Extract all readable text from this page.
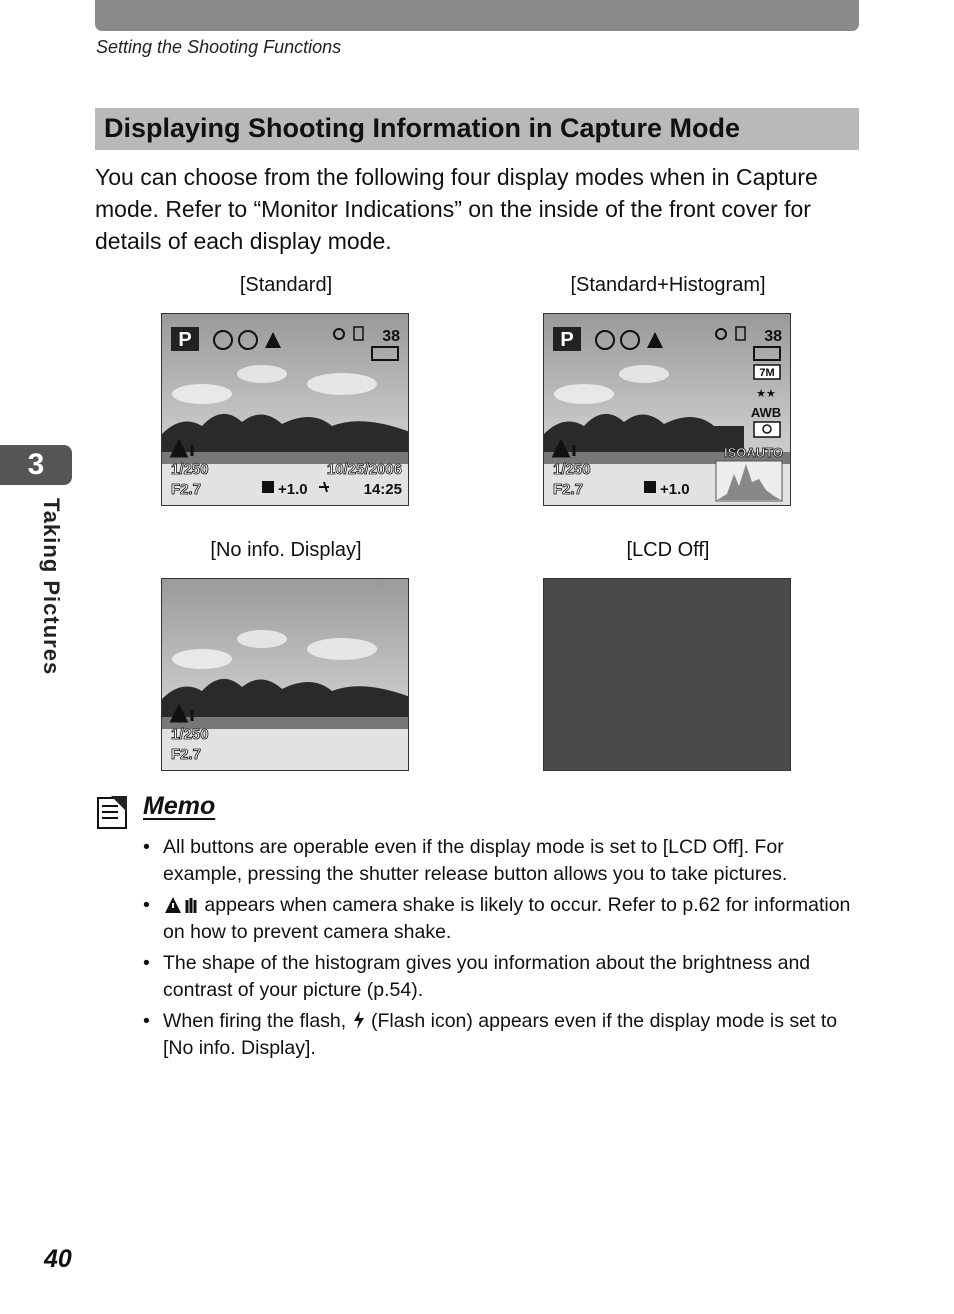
Setting the Shooting Functions
Displaying Shooting Information in Capture Mode

You can choose from the following four display modes when in Capture mode. Refer to “Monitor Indications” on the inside of the front cover for details of each display mode.

3
Taking Pictures
[Standard]
P	38
1/250
F2.7	+1.0
10/25/2006
14:25
[Standard+Histogram]
P	38
7M
★★
AWB
ISOAUTO
1/250
F2.7	+1.0
[No info. Display]
1/250
F2.7
[LCD Off]
Memo
• All buttons are operable even if the display mode is set to [LCD Off]. For example, pressing the shutter release button allows you to take pictures.
•	appears when camera shake is likely to occur. Refer to p.62 for information on how to prevent camera shake.
• The shape of the histogram gives you information about the brightness and contrast of your picture (p.54).
• When firing the flash,  (Flash icon) appears even if the display mode is set to [No info. Display].
40
